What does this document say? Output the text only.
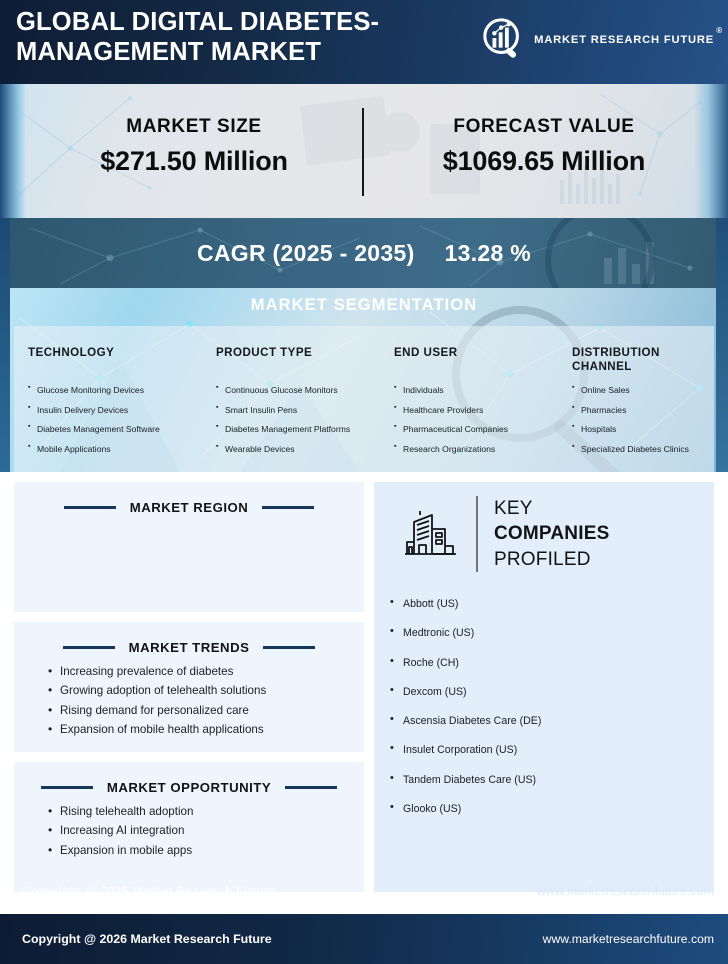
GLOBAL DIGITAL DIABETES-MANAGEMENT MARKET	MARKET RESEARCH FUTURE
®
MARKET SIZE
$271.50 Million
FORECAST VALUE
$1069.65 Million
CAGR (2025 - 2035) 13.28 %
MARKET SEGMENTATION
TECHNOLOGY
▪ Glucose Monitoring Devices
▪ Insulin Delivery Devices
▪ Diabetes Management Software
▪ Mobile Applications
PRODUCT TYPE
▪ Continuous Glucose Monitors
▪ Smart Insulin Pens
▪ Diabetes Management Platforms
▪ Wearable Devices
END USER
▪ Individuals
▪ Healthcare Providers
▪ Pharmaceutical Companies
▪ Research Organizations
DISTRIBUTION CHANNEL
▪ Online Sales
▪ Pharmacies
▪ Hospitals
▪ Specialized Diabetes Clinics
MARKET REGION
MARKET TRENDS
• Increasing prevalence of diabetes
• Growing adoption of telehealth solutions
• Rising demand for personalized care
• Expansion of mobile health applications
MARKET OPPORTUNITY
• Rising telehealth adoption
• Increasing AI integration
• Expansion in mobile apps
KEY
COMPANIES
PROFILED
• Abbott (US)
• Medtronic (US)
• Roche (CH)
• Dexcom (US)
• Ascensia Diabetes Care (DE)
• Insulet Corporation (US)
• Tandem Diabetes Care (US)
• Glooko (US)
Copyright @ 2025 Market Research Future	www.marketresearchfuture.com
Copyright @ 2026 Market Research Future	www.marketresearchfuture.com
